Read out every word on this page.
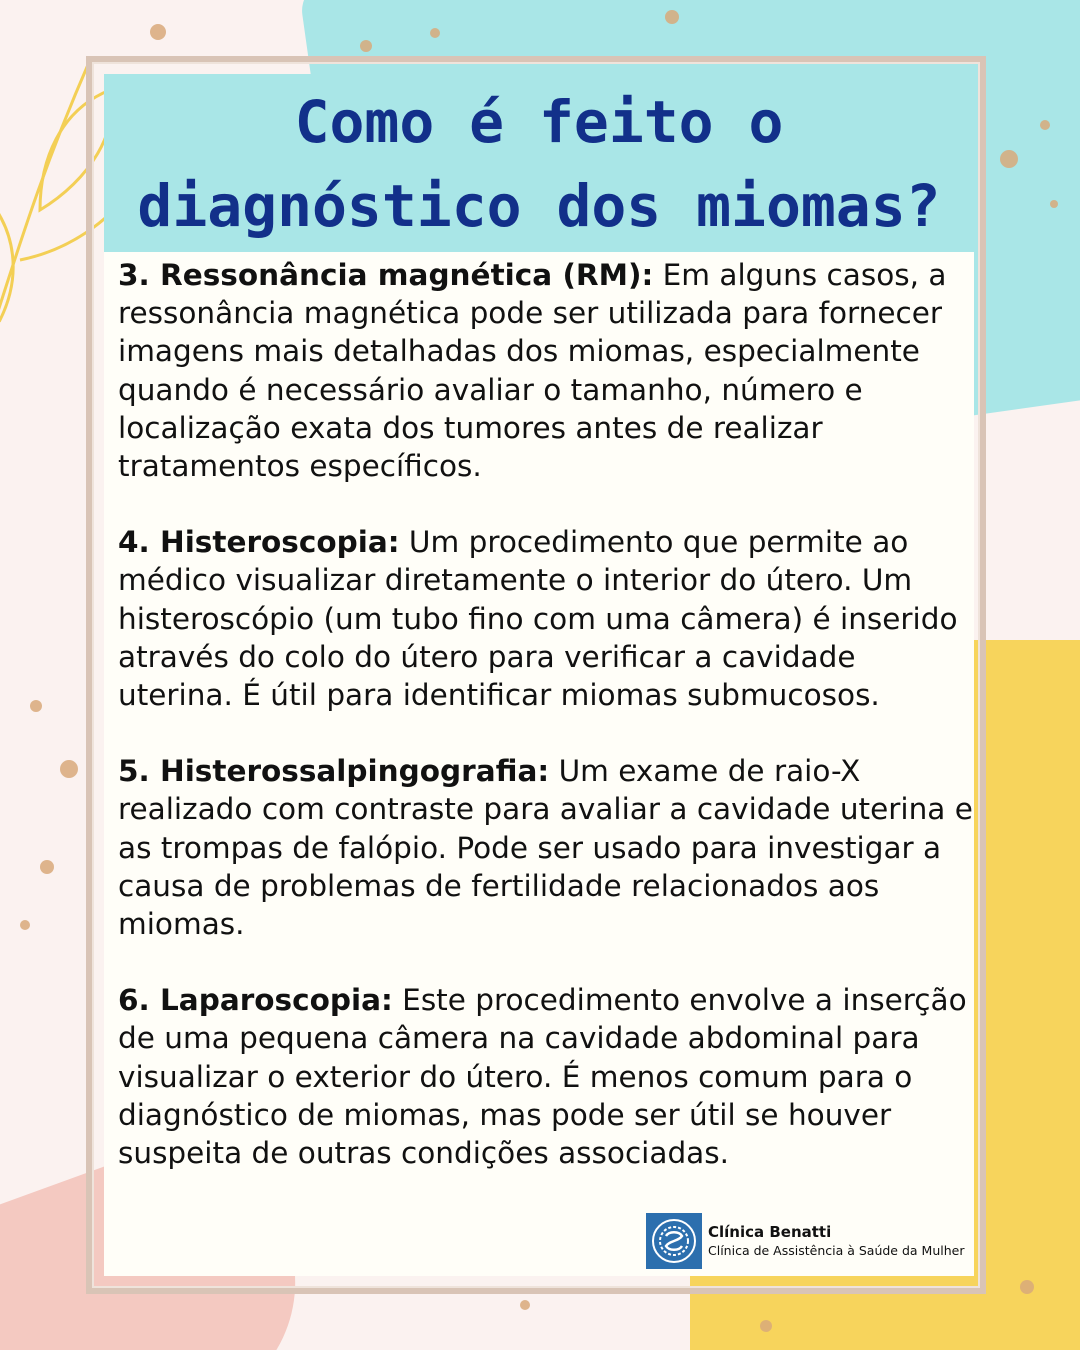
Como é feito o
diagnóstico dos miomas?

3. Ressonância magnética (RM): Em alguns casos, a ressonância magnética pode ser utilizada para fornecer imagens mais detalhadas dos miomas, especialmente quando é necessário avaliar o tamanho, número e localização exata dos tumores antes de realizar tratamentos específicos.

4. Histeroscopia: Um procedimento que permite ao médico visualizar diretamente o interior do útero. Um histeroscópio (um tubo fino com uma câmera) é inserido através do colo do útero para verificar a cavidade uterina. É útil para identificar miomas submucosos.

5. Histerossalpingografia: Um exame de raio-X realizado com contraste para avaliar a cavidade uterina e as trompas de falópio. Pode ser usado para investigar a causa de problemas de fertilidade relacionados aos miomas.

6. Laparoscopia: Este procedimento envolve a inserção de uma pequena câmera na cavidade abdominal para visualizar o exterior do útero. É menos comum para o diagnóstico de miomas, mas pode ser útil se houver suspeita de outras condições associadas.

Clínica Benatti
Clínica de Assistência à Saúde da Mulher
